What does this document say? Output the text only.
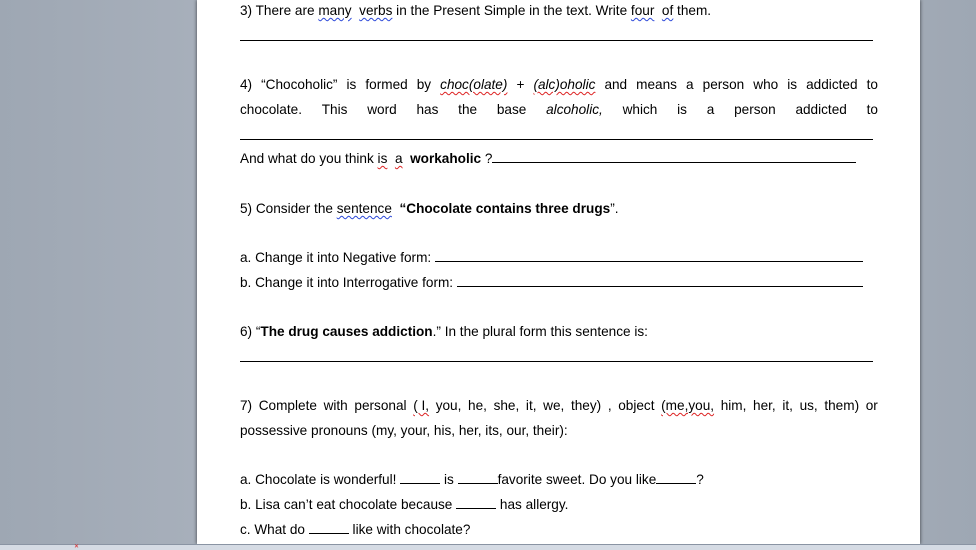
3) There are many verbs in the Present Simple in the text. Write four of them.
4) “Chocoholic” is formed by choc(olate) + (alc)oholic and means a person who is addicted to
chocolate. This word has the base alcoholic, which is a person addicted to
And what do you think is a workaholic ?
5) Consider the sentence “Chocolate contains three drugs”.
a. Change it into Negative form:
b. Change it into Interrogative form:
6) “The drug causes addiction.” In the plural form this sentence is:
7) Complete with personal ( I, you, he, she, it, we, they) , object (me,you, him, her, it, us, them) or
possessive pronouns (my, your, his, her, its, our, their):
a. Chocolate is wonderful!	is	favorite sweet. Do you like	?
b. Lisa can’t eat chocolate because	has allergy.
c. What do	like with chocolate?
✕
